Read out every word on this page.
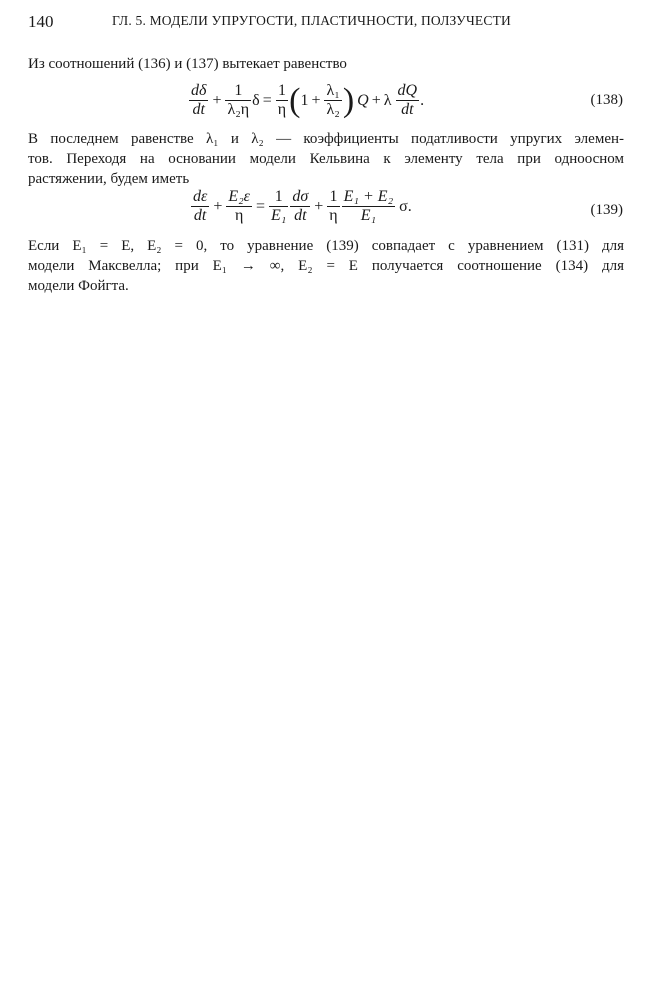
140	ГЛ. 5. МОДЕЛИ УПРУГОСТИ, ПЛАСТИЧНОСТИ, ПОЛЗУЧЕСТИ
Из соотношений (136) и (137) вытекает равенство
$\frac{d\delta}{dt} + \frac{1}{\text{λ₂η}}$ $\delta = \frac{1}{\eta}$ ( $1 + \frac{\text{λ₁}}{\text{λ₂}}$ ) Q + λ $\frac{dQ}{dt}$ .	(138)
В последнем равенстве λ₁ и λ₂ — коэффициенты податливости упругих элемен-
тов. Переходя на основании модели Кельвина к элементу тела при одноосном
растяжении, будем иметь
$\frac{d\varepsilon}{dt} + \frac{\text{E₂ε}}{\eta} = \frac{1}{\text{E₁}} \frac{d\sigma}{dt} + \frac{1}{\eta} \frac{\text{E₁ + E₂}}{\text{E₁}} \sigma$.	(139)
Если E₁ = E, E₂ = 0, то уравнение (139) совпадает с уравнением (131) для
модели Максвелла; при E₁ → ∞, E₂ = E получается соотношение (134) для
модели Фойгта.
